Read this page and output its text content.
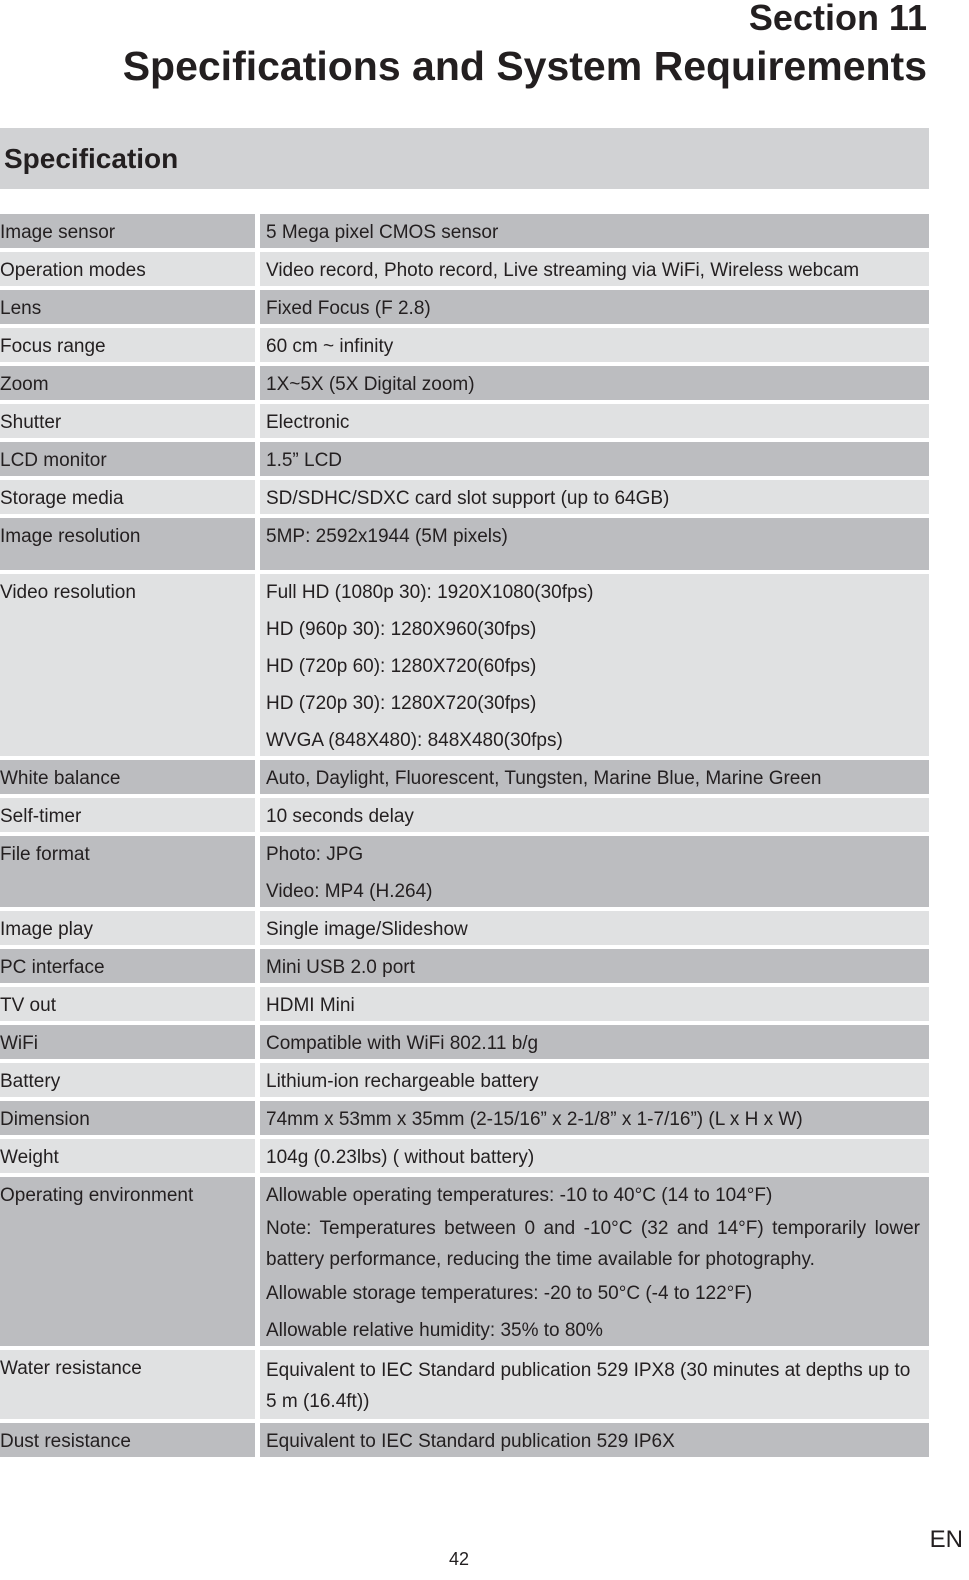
Section 11
Specifications and System Requirements
Specification
Image sensor	5 Mega pixel CMOS sensor
Operation modes	Video record, Photo record, Live streaming via WiFi, Wireless webcam
Lens	Fixed Focus (F 2.8)
Focus range	60 cm ~ infinity
Zoom	1X~5X (5X Digital zoom)
Shutter	Electronic
LCD monitor	1.5” LCD
Storage media	SD/SDHC/SDXC card slot support (up to 64GB)
Image resolution	5MP: 2592x1944 (5M pixels)
Video resolution	Full HD (1080p 30): 1920X1080(30fps)
HD (960p 30): 1280X960(30fps)
HD (720p 60): 1280X720(60fps)
HD (720p 30): 1280X720(30fps)
WVGA (848X480): 848X480(30fps)
White balance	Auto, Daylight, Fluorescent, Tungsten, Marine Blue, Marine Green
Self-timer	10 seconds delay
File format	Photo: JPG
Video: MP4 (H.264)
Image play	Single image/Slideshow
PC interface	Mini USB 2.0 port
TV out	HDMI Mini
WiFi	Compatible with WiFi 802.11 b/g
Battery	Lithium-ion rechargeable battery
Dimension	74mm x 53mm x 35mm (2-15/16” x 2-1/8” x 1-7/16”) (L x H x W)
Weight	104g (0.23lbs) ( without battery)
Operating environment	Allowable operating temperatures: -10 to 40°C (14 to 104°F)
Note: Temperatures between 0 and -10°C (32 and 14°F) temporarily lower battery performance, reducing the time available for photography.
Allowable storage temperatures: -20 to 50°C (-4 to 122°F)
Allowable relative humidity: 35% to 80%
Water resistance	Equivalent to IEC Standard publication 529 IPX8 (30 minutes at depths up to 5 m (16.4ft))
Dust resistance	Equivalent to IEC Standard publication 529 IP6X
42
EN
